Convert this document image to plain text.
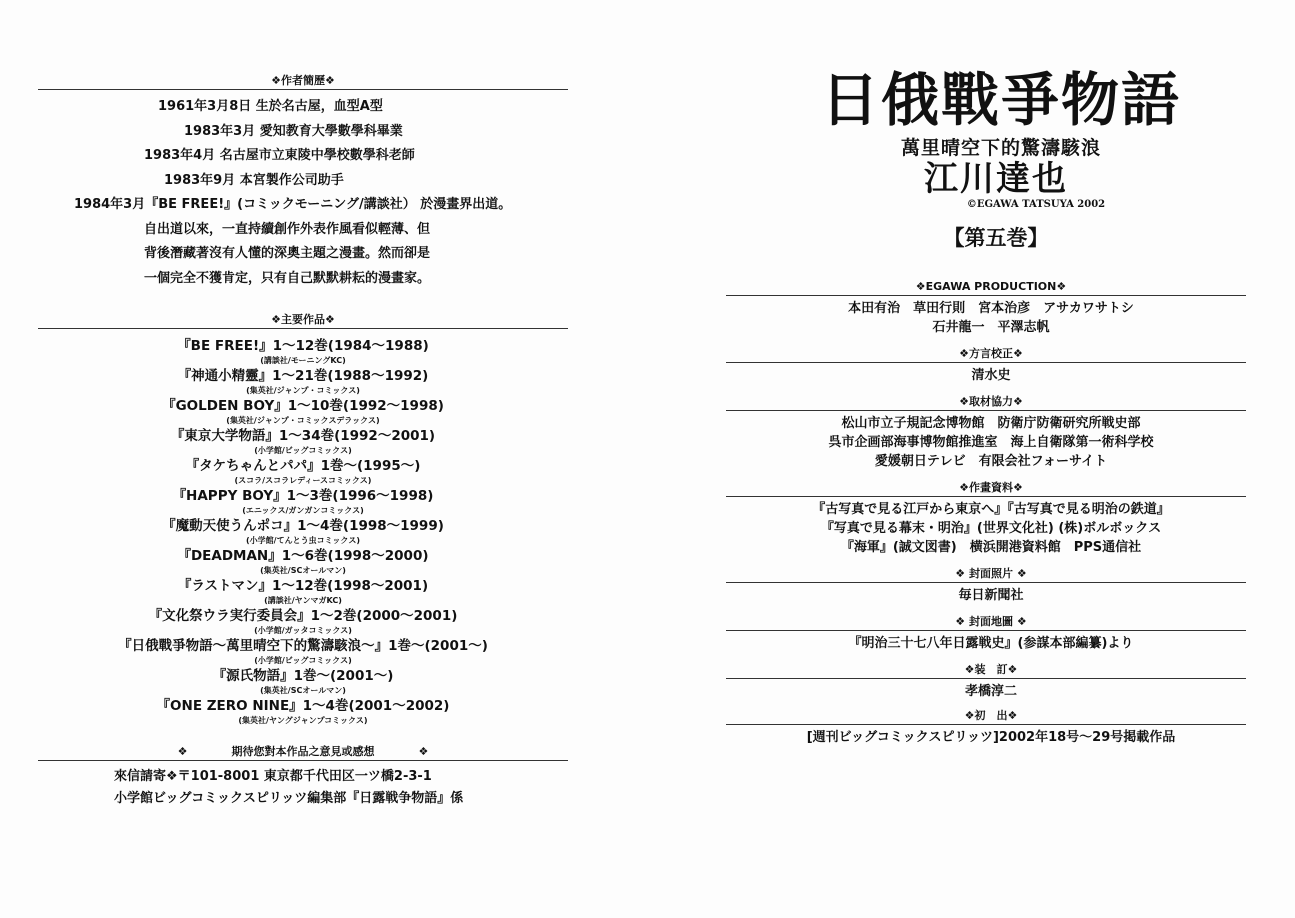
❖作者簡歷❖
1961年3月8日 生於名古屋，血型A型
1983年3月 愛知教育大學數學科畢業
1983年4月 名古屋市立東陵中學校數學科老師
1983年9月 本宮製作公司助手
1984年3月『BE FREE!』(コミックモーニング/講談社） 於漫畫界出道。
自出道以來，一直持續創作外表作風看似輕薄、但
背後潛藏著沒有人懂的深奧主題之漫畫。然而卻是
一個完全不獲肯定，只有自己默默耕耘的漫畫家。
❖主要作品❖
『BE FREE!』1～12巻(1984～1988)
(講談社/モーニングKC)
『神通小精靈』1～21巻(1988～1992)
(集英社/ジャンプ・コミックス)
『GOLDEN BOY』1～10巻(1992～1998)
(集英社/ジャンプ・コミックスデラックス)
『東京大学物語』1～34巻(1992～2001)
(小学館/ビッグコミックス)
『タケちゃんとパパ』1巻～(1995～)
(スコラ/スコラレディースコミックス)
『HAPPY BOY』1～3巻(1996～1998)
(エニックス/ガンガンコミックス)
『魔動天使うんポコ』1～4巻(1998～1999)
(小学館/てんとう虫コミックス)
『DEADMAN』1～6巻(1998～2000)
(集英社/SCオールマン)
『ラストマン』1～12巻(1998～2001)
(講談社/ヤンマガKC)
『文化祭ウラ実行委員会』1～2巻(2000～2001)
(小学館/ガッタコミックス)
『日俄戰爭物語～萬里晴空下的驚濤駭浪～』1巻～(2001～)
(小学館/ビッグコミックス)
『源氏物語』1巻～(2001～)
(集英社/SCオールマン)
『ONE ZERO NINE』1～4巻(2001～2002)
(集英社/ヤングジャンプコミックス)
❖	期待您對本作品之意見或感想	❖
來信請寄❖〒101-8001 東京都千代田区一ツ橋2-3-1
小学館ビッグコミックスピリッツ編集部『日露戦争物語』係
日俄戰爭物語
萬里晴空下的驚濤駭浪
江川達也
©EGAWA TATSUYA 2002
【第五巻】
❖EGAWA PRODUCTION❖
本田有治　草田行則　宮本治彦　アサカワサトシ
石井龍一　平澤志帆
❖方言校正❖
清水史
❖取材協力❖
松山市立子規記念博物館　防衛庁防衛研究所戦史部
呉市企画部海事博物館推進室　海上自衛隊第一術科学校
愛媛朝日テレビ　有限会社フォーサイト
❖作畫資料❖
『古写真で見る江戸から東京へ』『古写真で見る明治の鉄道』
『写真で見る幕末・明治』(世界文化社) (株)ボルボックス
『海軍』(誠文図書)　横浜開港資料館　PPS通信社
❖ 封面照片 ❖
毎日新聞社
❖ 封面地圖 ❖
『明治三十七八年日露戦史』(参謀本部編纂)より
❖装　訂❖
孝橋淳二
❖初　出❖
[週刊ビッグコミックスピリッツ]2002年18号～29号掲載作品
